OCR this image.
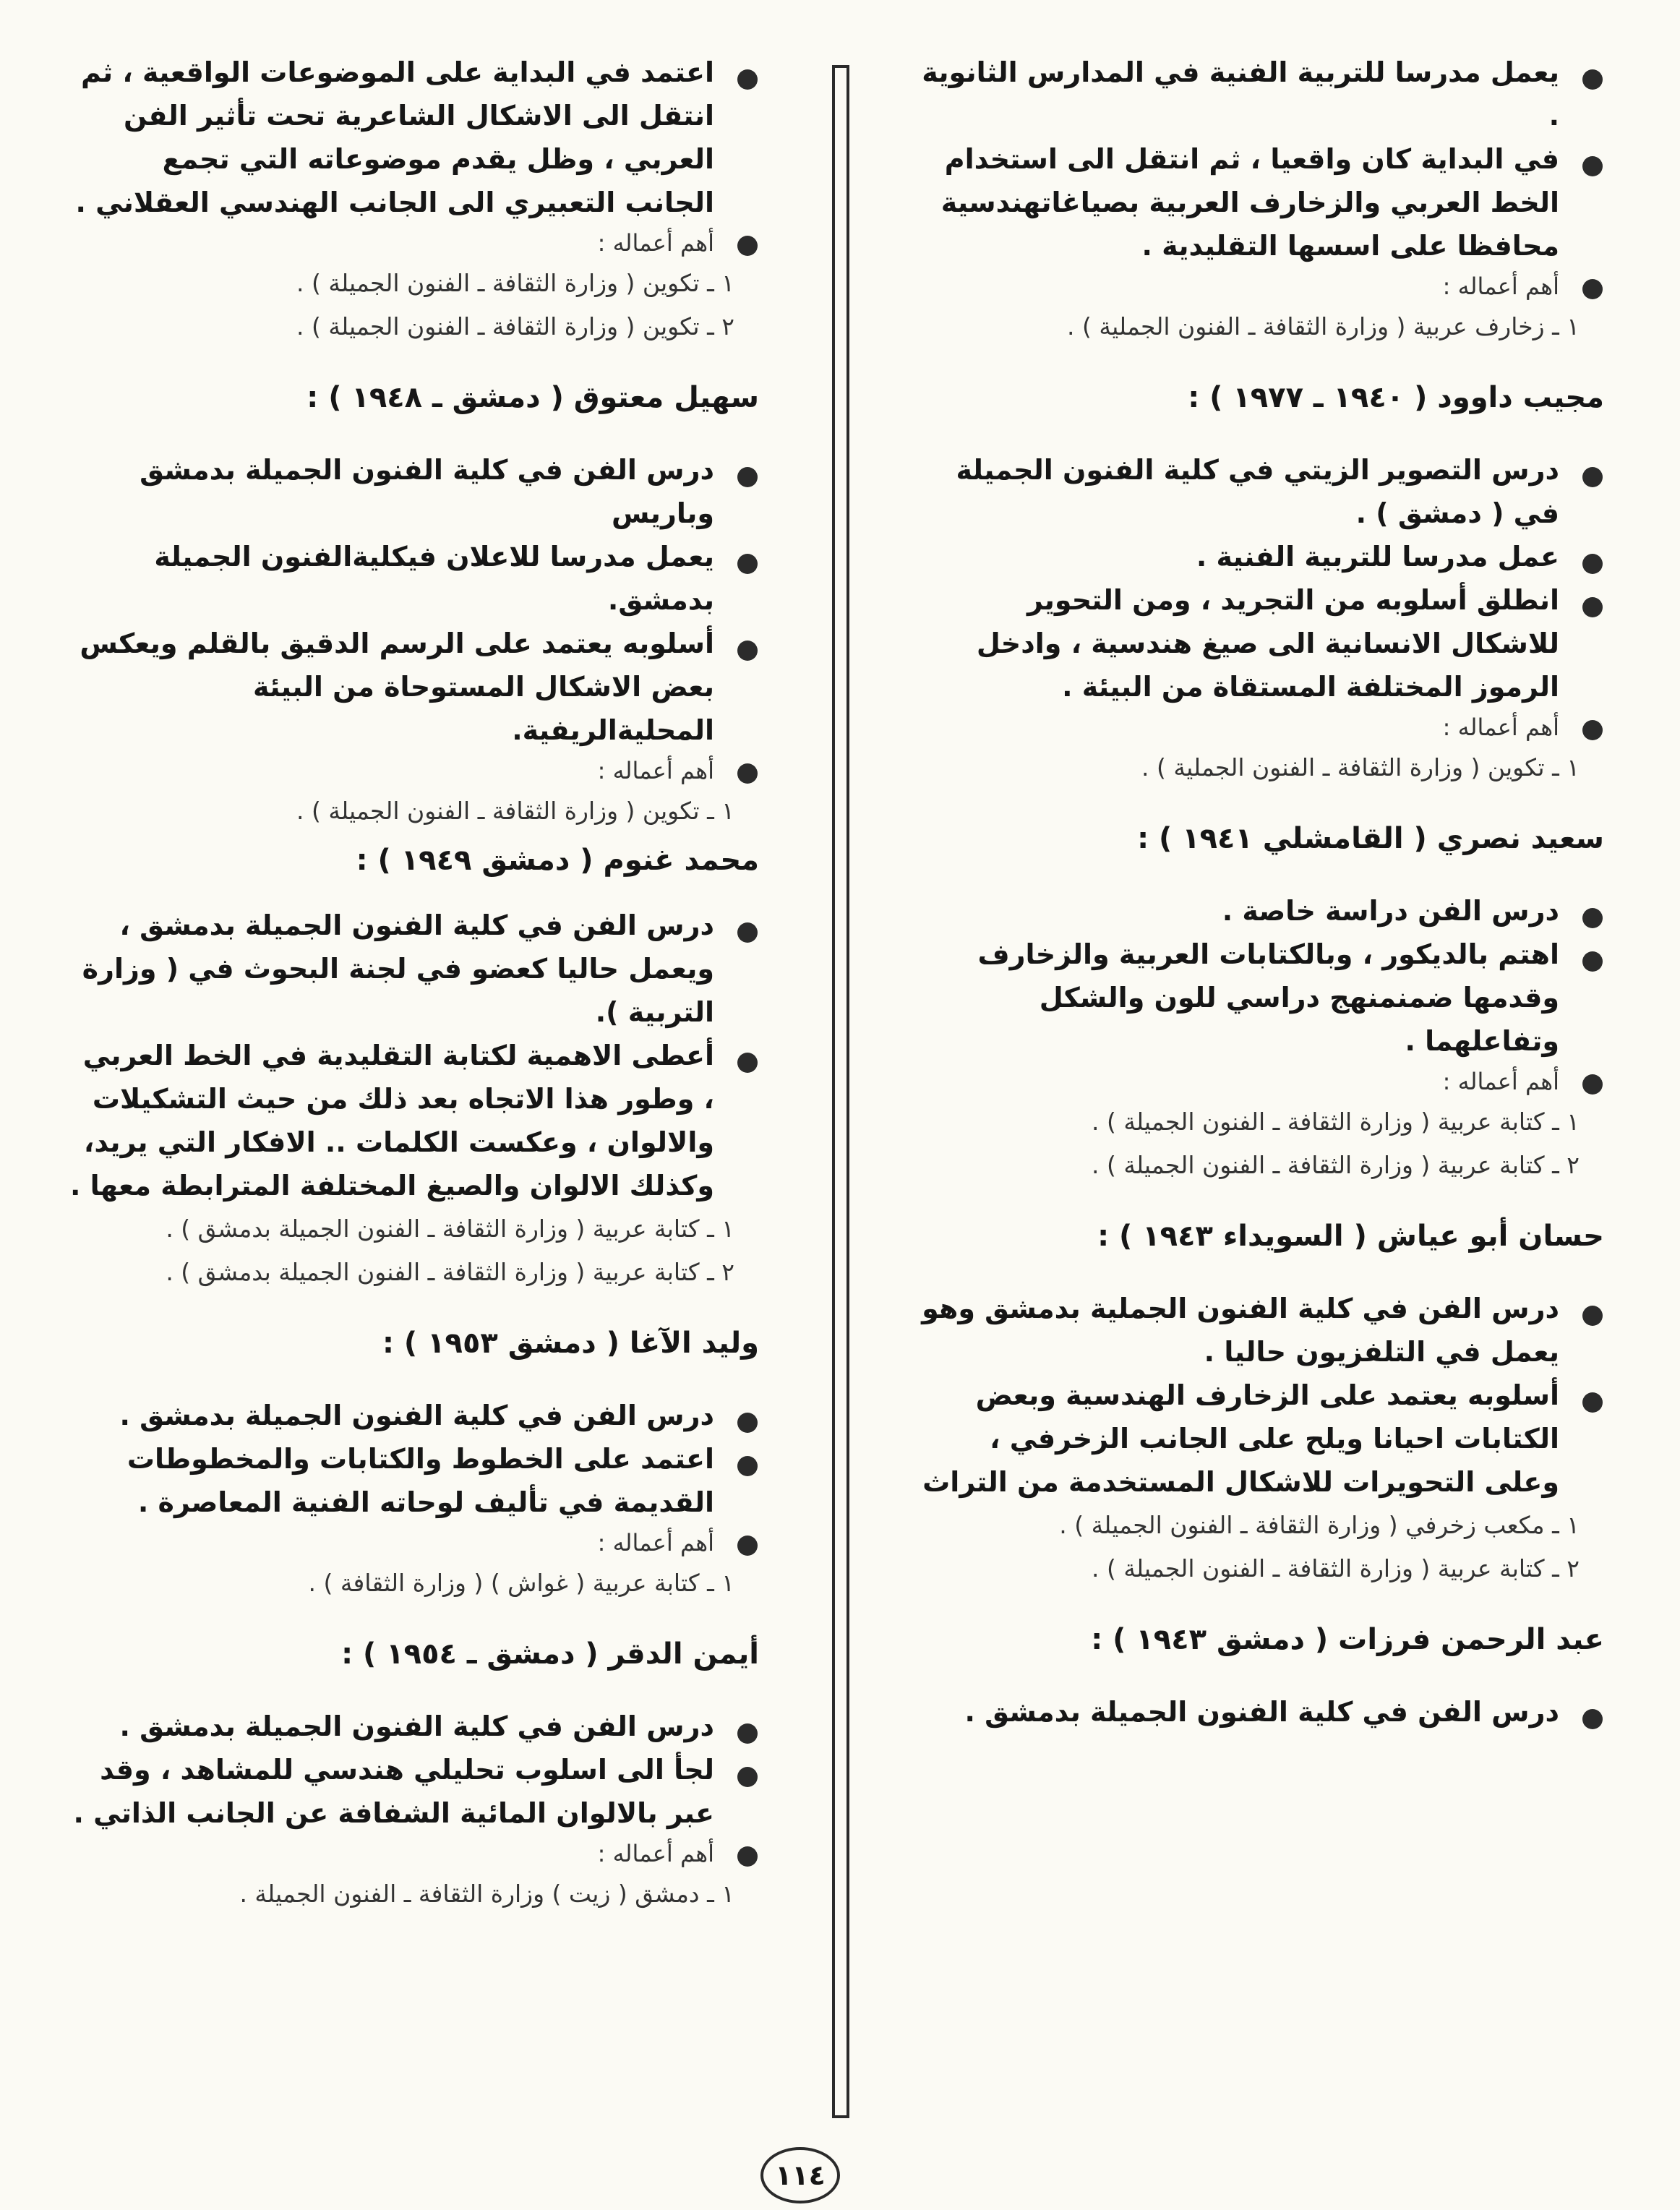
يعمل مدرسا للتربية الفنية في المدارس الثانوية .
في البداية كان واقعيا ، ثم انتقل الى استخدام الخط العربي والزخارف العربية بصياغاتهندسية محافظا على اسسها التقليدية .
أهم أعماله :
١ ـ زخارف عربية ( وزارة الثقافة ـ الفنون الجملية ) .
مجيب داوود ( ١٩٤٠ ـ ١٩٧٧ ) :
درس التصوير الزيتي في كلية الفنون الجميلة في ( دمشق ) .
عمل مدرسا للتربية الفنية .
انطلق أسلوبه من التجريد ، ومن التحوير للاشكال الانسانية الى صيغ هندسية ، وادخل الرموز المختلفة المستقاة من البيئة .
أهم أعماله :
١ ـ تكوين ( وزارة الثقافة ـ الفنون الجملية ) .
سعيد نصري ( القامشلي ١٩٤١ ) :
درس الفن دراسة خاصة .
اهتم بالديكور ، وبالكتابات العربية والزخارف وقدمها ضمنمنهج دراسي للون والشكل وتفاعلهما .
أهم أعماله :
١ ـ كتابة عربية ( وزارة الثقافة ـ الفنون الجميلة ) .
٢ ـ كتابة عربية ( وزارة الثقافة ـ الفنون الجميلة ) .
حسان أبو عياش ( السويداء ١٩٤٣ ) :
درس الفن في كلية الفنون الجملية بدمشق وهو يعمل في التلفزيون حاليا .
أسلوبه يعتمد على الزخارف الهندسية وبعض الكتابات احيانا ويلح على الجانب الزخرفي ، وعلى التحويرات للاشكال المستخدمة من التراث
١ ـ مكعب زخرفي ( وزارة الثقافة ـ الفنون الجميلة ) .
٢ ـ كتابة عربية ( وزارة الثقافة ـ الفنون الجميلة ) .
عبد الرحمن فرزات ( دمشق ١٩٤٣ ) :
درس الفن في كلية الفنون الجميلة بدمشق .
اعتمد في البداية على الموضوعات الواقعية ، ثم انتقل الى الاشكال الشاعرية تحت تأثير الفن العربي ، وظل يقدم موضوعاته التي تجمع الجانب التعبيري الى الجانب الهندسي العقلاني .
أهم أعماله :
١ ـ تكوين ( وزارة الثقافة ـ الفنون الجميلة ) .
٢ ـ تكوين ( وزارة الثقافة ـ الفنون الجميلة ) .
سهيل معتوق ( دمشق ـ ١٩٤٨ ) :
درس الفن في كلية الفنون الجميلة بدمشق وباريس
يعمل مدرسا للاعلان فيكليةالفنون الجميلة بدمشق.
أسلوبه يعتمد على الرسم الدقيق بالقلم ويعكس بعض الاشكال المستوحاة من البيئة المحليةالريفية.
أهم أعماله :
١ ـ تكوين ( وزارة الثقافة ـ الفنون الجميلة ) .
محمد غنوم ( دمشق ١٩٤٩ ) :
درس الفن في كلية الفنون الجميلة بدمشق ، ويعمل حاليا كعضو في لجنة البحوث في ( وزارة التربية ).
أعطى الاهمية لكتابة التقليدية في الخط العربي ، وطور هذا الاتجاه بعد ذلك من حيث التشكيلات والالوان ، وعكست الكلمات .. الافكار التي يريد، وكذلك الالوان والصيغ المختلفة المترابطة معها .
١ ـ كتابة عربية ( وزارة الثقافة ـ الفنون الجميلة بدمشق ) .
٢ ـ كتابة عربية ( وزارة الثقافة ـ الفنون الجميلة بدمشق ) .
وليد الآغا ( دمشق ١٩٥٣ ) :
درس الفن في كلية الفنون الجميلة بدمشق .
اعتمد على الخطوط والكتابات والمخطوطات القديمة في تأليف لوحاته الفنية المعاصرة .
أهم أعماله :
١ ـ كتابة عربية ( غواش ) ( وزارة الثقافة ) .
أيمن الدقر ( دمشق ـ ١٩٥٤ ) :
درس الفن في كلية الفنون الجميلة بدمشق .
لجأ الى اسلوب تحليلي هندسي للمشاهد ، وقد عبر بالالوان المائية الشفافة عن الجانب الذاتي .
أهم أعماله :
١ ـ دمشق ( زيت ) وزارة الثقافة ـ الفنون الجميلة .
١١٤
